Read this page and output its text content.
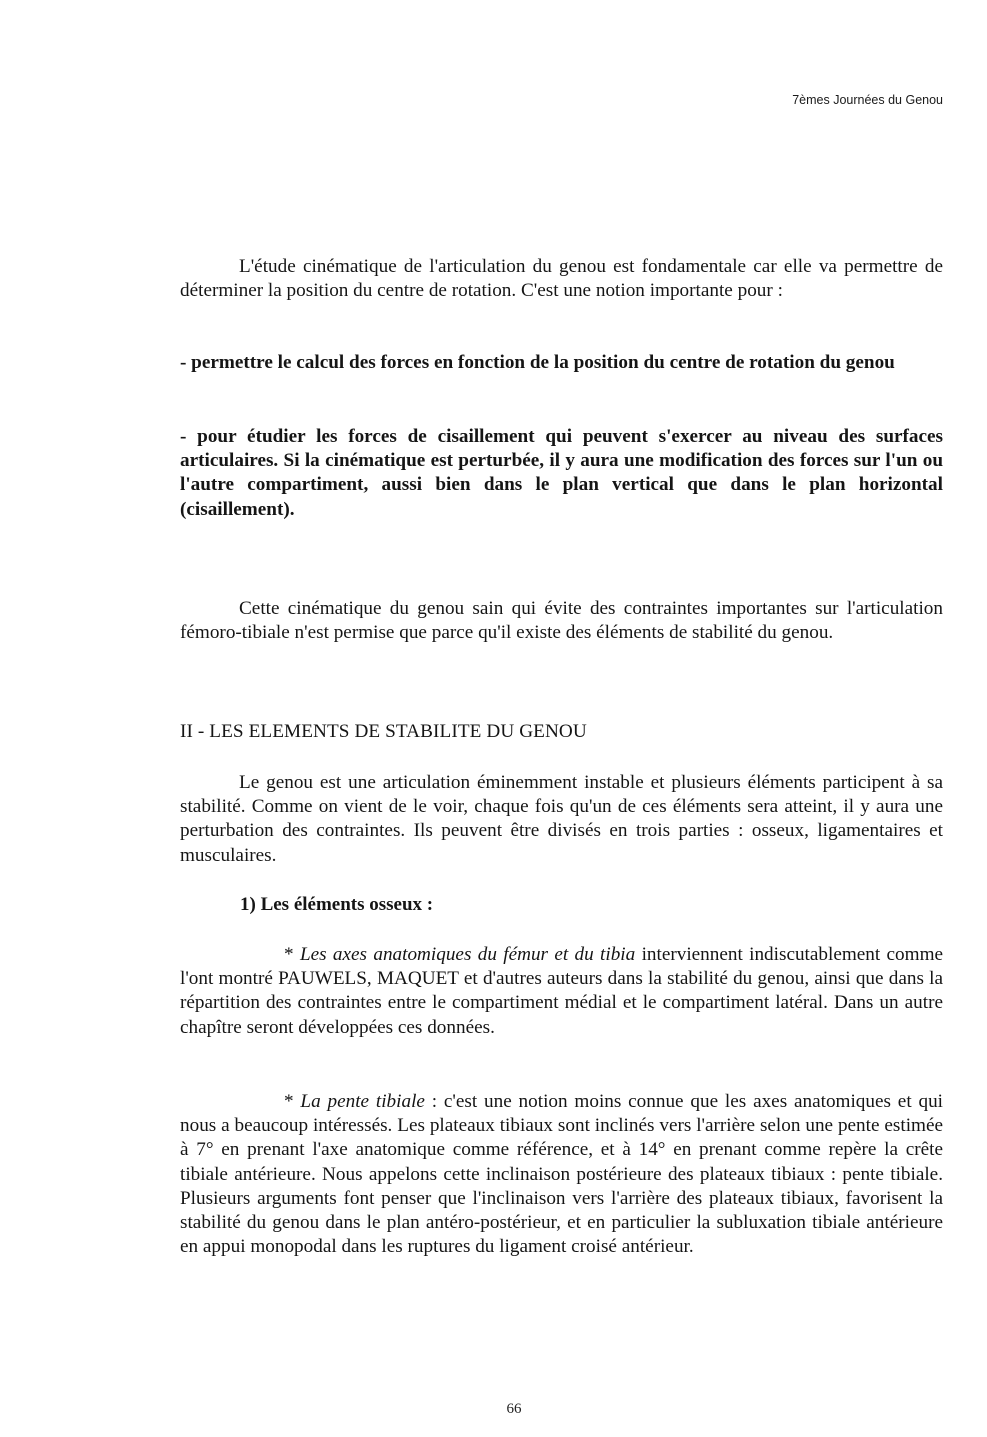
7èmes Journées du Genou

L'étude cinématique de l'articulation du genou est fondamentale car elle va permettre de déterminer la position du centre de rotation. C'est une notion importante pour :

- permettre le calcul des forces en fonction de la position du centre de rotation du genou

- pour étudier les forces de cisaillement qui peuvent s'exercer au niveau des surfaces articulaires. Si la cinématique est perturbée, il y aura une modification des forces sur l'un ou l'autre compartiment, aussi bien dans le plan vertical que dans le plan horizontal (cisaillement).

Cette cinématique du genou sain qui évite des contraintes importantes sur l'articulation fémoro-tibiale n'est permise que parce qu'il existe des éléments de stabilité du genou.

II - LES ELEMENTS DE STABILITE DU GENOU

Le genou est une articulation éminemment instable et plusieurs éléments participent à sa stabilité. Comme on vient de le voir, chaque fois qu'un de ces éléments sera atteint, il y aura une perturbation des contraintes. Ils peuvent être divisés en trois parties : osseux, ligamentaires et musculaires.

1) Les éléments osseux :

* Les axes anatomiques du fémur et du tibia interviennent indiscutablement comme l'ont montré PAUWELS, MAQUET et d'autres auteurs dans la stabilité du genou, ainsi que dans la répartition des contraintes entre le compartiment médial et le compartiment latéral. Dans un autre chapître seront développées ces données.

* La pente tibiale : c'est une notion moins connue que les axes anatomiques et qui nous a beaucoup intéressés. Les plateaux tibiaux sont inclinés vers l'arrière selon une pente estimée à 7° en prenant l'axe anatomique comme référence, et à 14° en prenant comme repère la crête tibiale antérieure. Nous appelons cette inclinaison postérieure des plateaux tibiaux : pente tibiale. Plusieurs arguments font penser que l'inclinaison vers l'arrière des plateaux tibiaux, favorisent la stabilité du genou dans le plan antéro-postérieur, et en particulier la subluxation tibiale antérieure en appui monopodal dans les ruptures du ligament croisé antérieur.

66
